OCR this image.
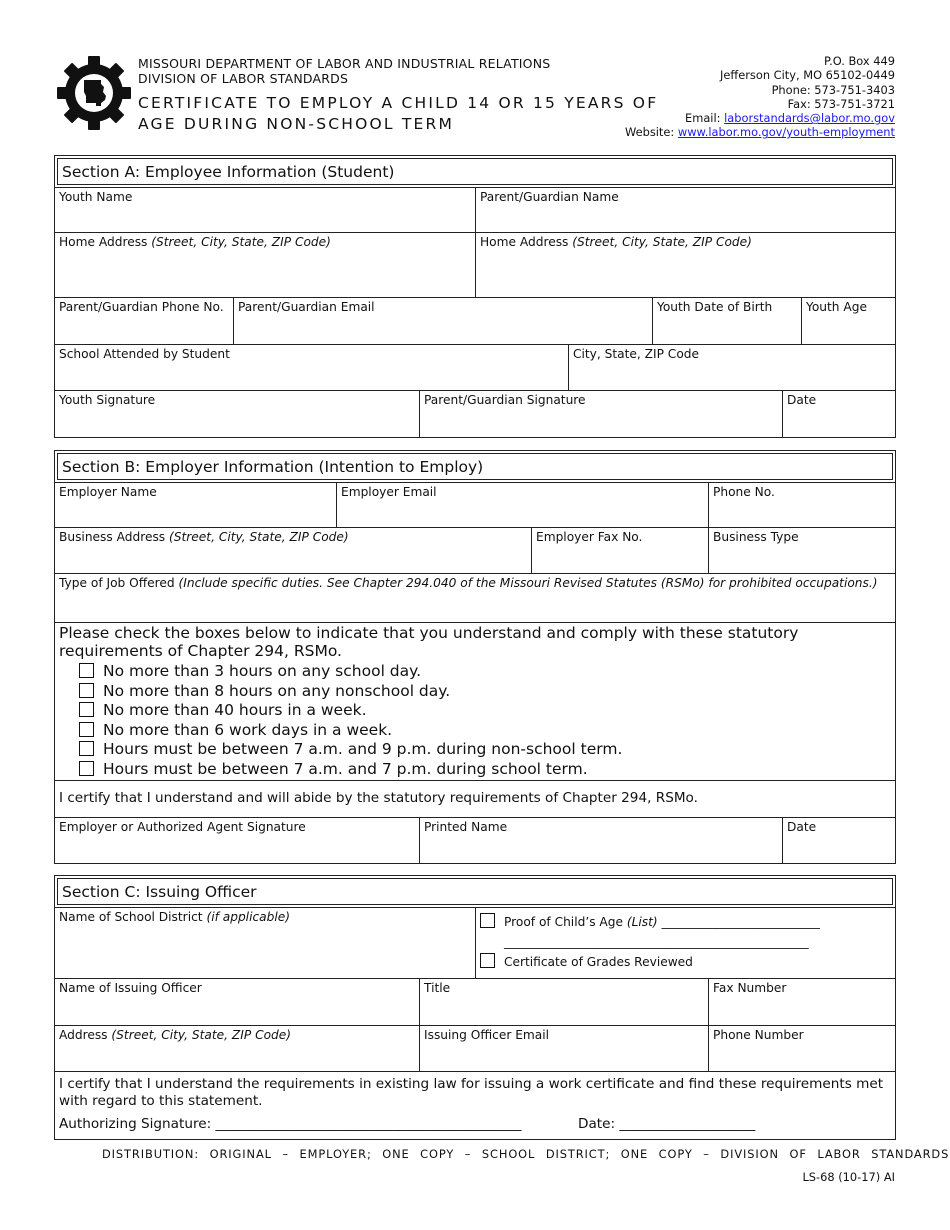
MISSOURI DEPARTMENT OF LABOR AND INDUSTRIAL RELATIONS
DIVISION OF LABOR STANDARDS
CERTIFICATE TO EMPLOY A CHILD 14 OR 15 YEARS OF
AGE DURING NON-SCHOOL TERM
P.O. Box 449
Jefferson City, MO 65102-0449
Phone: 573-751-3403
Fax: 573-751-3721
Email: laborstandards@labor.mo.gov
Website: www.labor.mo.gov/youth-employment
Section A: Employee Information (Student)
Youth Name	Parent/Guardian Name
Home Address (Street, City, State, ZIP Code)	Home Address (Street, City, State, ZIP Code)
Parent/Guardian Phone No.	Parent/Guardian Email	Youth Date of Birth	Youth Age
School Attended by Student	City, State, ZIP Code
Youth Signature	Parent/Guardian Signature	Date
Section B: Employer Information (Intention to Employ)
Employer Name	Employer Email	Phone No.
Business Address (Street, City, State, ZIP Code)	Employer Fax No.	Business Type
Type of Job Offered (Include specific duties. See Chapter 294.040 of the Missouri Revised Statutes (RSMo) for prohibited occupations.)
Please check the boxes below to indicate that you understand and comply with these statutory requirements of Chapter 294, RSMo.
No more than 3 hours on any school day.
No more than 8 hours on any nonschool day.
No more than 40 hours in a week.
No more than 6 work days in a week.
Hours must be between 7 a.m. and 9 p.m. during non-school term.
Hours must be between 7 a.m. and 7 p.m. during school term.
I certify that I understand and will abide by the statutory requirements of Chapter 294, RSMo.
Employer or Authorized Agent Signature	Printed Name	Date
Section C: Issuing Officer
Name of School District (if applicable)	Proof of Child’s Age (List) __________________________
__________________________________________________
Certificate of Grades Reviewed
Name of Issuing Officer	Title	Fax Number
Address (Street, City, State, ZIP Code)	Issuing Officer Email	Phone Number
I certify that I understand the requirements in existing law for issuing a work certificate and find these requirements met with regard to this statement.
Authorizing Signature: _____________________________________________	Date: ____________________
DISTRIBUTION: ORIGINAL – EMPLOYER; ONE COPY – SCHOOL DISTRICT; ONE COPY – DIVISION OF LABOR STANDARDS
LS-68 (10-17) AI
